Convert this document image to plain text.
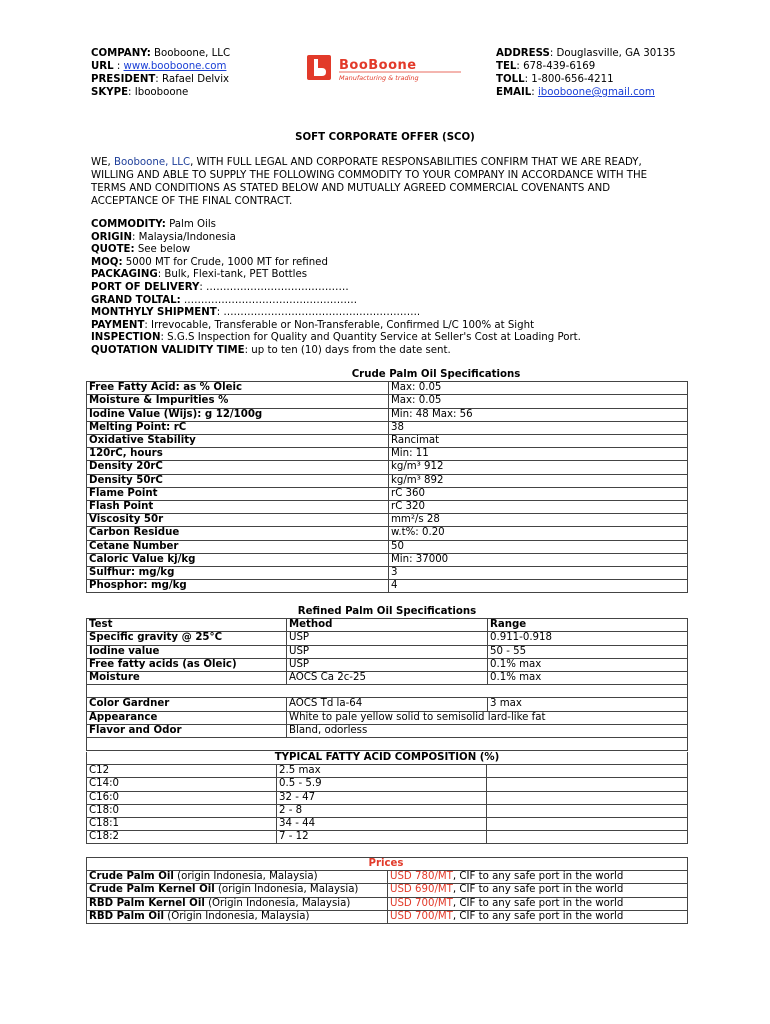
COMPANY: Booboone, LLC
URL : www.booboone.com
PRESIDENT: Rafael Delvix
SKYPE: Ibooboone
BooBoone
Manufacturing & trading
ADDRESS: Douglasville, GA 30135
TEL: 678-439-6169
TOLL: 1-800-656-4211
EMAIL: ibooboone@gmail.com
SOFT CORPORATE OFFER (SCO)
WE, Booboone, LLC, WITH FULL LEGAL AND CORPORATE RESPONSABILITIES CONFIRM THAT WE ARE READY,
WILLING AND ABLE TO SUPPLY THE FOLLOWING COMMODITY TO YOUR COMPANY IN ACCORDANCE WITH THE
TERMS AND CONDITIONS AS STATED BELOW AND MUTUALLY AGREED COMMERCIAL COVENANTS AND
ACCEPTANCE OF THE FINAL CONTRACT.
COMMODITY: Palm Oils
ORIGIN: Malaysia/Indonesia
QUOTE: See below
MOQ: 5000 MT for Crude, 1000 MT for refined
PACKAGING: Bulk, Flexi-tank, PET Bottles
PORT OF DELIVERY: ……………………………………
GRAND TOLTAL: ……………………………………………
MONTHYLY SHIPMENT: ………………………………………………….
PAYMENT: Irrevocable, Transferable or Non-Transferable, Confirmed L/C 100% at Sight
INSPECTION: S.G.S Inspection for Quality and Quantity Service at Seller's Cost at Loading Port.
QUOTATION VALIDITY TIME: up to ten (10) days from the date sent.
Crude Palm Oil Specifications	
Free Fatty Acid: as % Oleic	Max: 0.05
Moisture & Impurities %	Max: 0.05
Iodine Value (Wijs): g 12/100g	Min: 48 Max: 56
Melting Point: rC	38
Oxidative Stability	Rancimat
120rC, hours	Min: 11
Density 20rC	kg/m³ 912
Density 50rC	kg/m³ 892
Flame Point	rC 360
Flash Point	rC 320
Viscosity 50r	mm²/s 28
Carbon Residue	w.t%: 0.20
Cetane Number	50
Caloric Value kj/kg	Min: 37000
Sulfhur: mg/kg	3
Phosphor: mg/kg	4
Refined Palm Oil Specifications		
Test	Method	Range
Specific gravity @ 25°C	USP	0.911-0.918
Iodine value	USP	50 - 55
Free fatty acids (as Oleic)	USP	0.1% max
Moisture	AOCS Ca 2c-25	0.1% max

Color Gardner	AOCS Td la-64	3 max
Appearance	White to pale yellow solid to semisolid lard-like fat	
Flavor and Odor	Bland, odorless	

TYPICAL FATTY ACID COMPOSITION (%)		
C12	2.5 max	
C14:0	0.5 - 5.9	
C16:0	32 - 47	
C18:0	2 - 8	
C18:1	34 - 44	
C18:2	7 - 12	
Prices	
Crude Palm Oil (origin Indonesia, Malaysia)	USD 780/MT, CIF to any safe port in the world
Crude Palm Kernel Oil (origin Indonesia, Malaysia)	USD 690/MT, CIF to any safe port in the world
RBD Palm Kernel Oil (Origin Indonesia, Malaysia)	USD 700/MT, CIF to any safe port in the world
RBD Palm Oil (Origin Indonesia, Malaysia)	USD 700/MT, CIF to any safe port in the world
